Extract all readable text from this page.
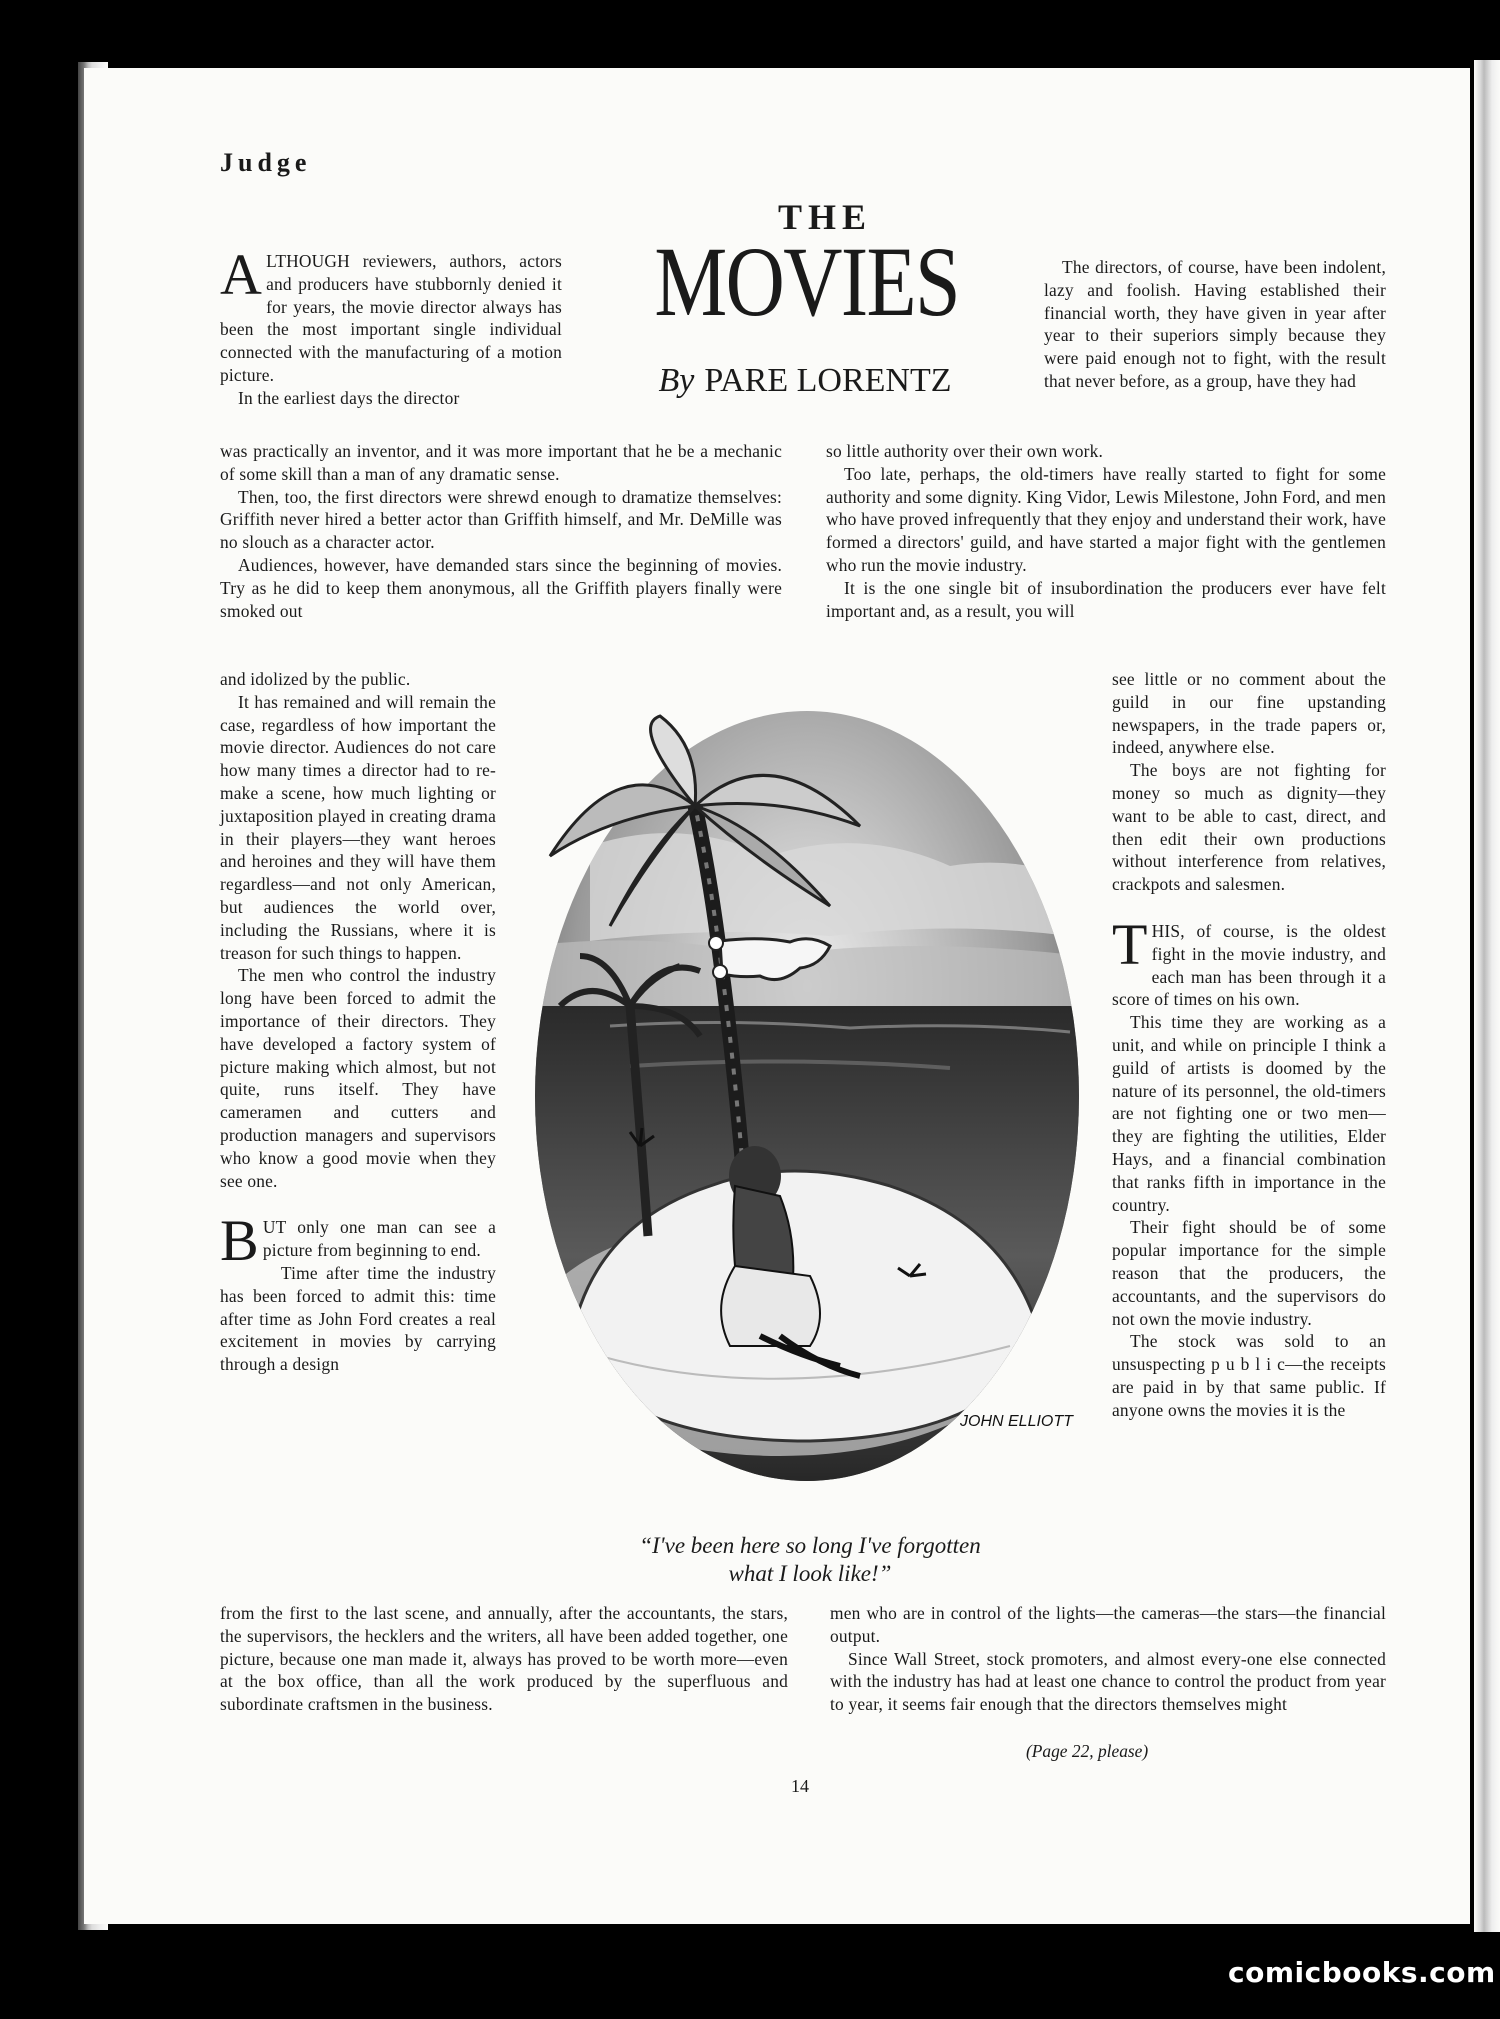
Judge
THE
MOVIES
By PARE LORENTZ

ALTHOUGH reviewers, authors, actors and producers have stubbornly denied it for years, the movie director always has been the most important single individual connected with the manufacturing of a motion picture.

In the earliest days the director

was practically an inventor, and it was more important that he be a mechanic of some skill than a man of any dramatic sense.

Then, too, the first directors were shrewd enough to dramatize themselves: Griffith never hired a better actor than Griffith himself, and Mr. DeMille was no slouch as a character actor.

Audiences, however, have demanded stars since the beginning of movies. Try as he did to keep them anonymous, all the Griffith players finally were smoked out

and idolized by the public.

It has remained and will remain the case, regardless of how important the movie director. Audiences do not care how many times a director had to re-make a scene, how much lighting or juxtaposition played in creating drama in their players—they want heroes and heroines and they will have them regardless—and not only American, but audiences the world over, including the Russians, where it is treason for such things to happen.

The men who control the industry long have been forced to admit the importance of their directors. They have developed a factory system of picture making which almost, but not quite, runs itself. They have cameramen and cutters and production managers and supervisors who know a good movie when they see one.

BUT only one man can see a picture from beginning to end.

Time after time the industry has been forced to admit this: time after time as John Ford creates a real excitement in movies by carrying through a design

from the first to the last scene, and annually, after the accountants, the stars, the supervisors, the hecklers and the writers, all have been added together, one picture, because one man made it, always has proved to be worth more—even at the box office, than all the work produced by the superfluous and subordinate craftsmen in the business.

The directors, of course, have been indolent, lazy and foolish. Having established their financial worth, they have given in year after year to their superiors simply because they were paid enough not to fight, with the result that never before, as a group, have they had

so little authority over their own work.

Too late, perhaps, the old-timers have really started to fight for some authority and some dignity. King Vidor, Lewis Milestone, John Ford, and men who have proved infrequently that they enjoy and understand their work, have formed a directors' guild, and have started a major fight with the gentlemen who run the movie industry.

It is the one single bit of insubordination the producers ever have felt important and, as a result, you will

see little or no comment about the guild in our fine upstanding newspapers, in the trade papers or, indeed, anywhere else.

The boys are not fighting for money so much as dignity—they want to be able to cast, direct, and then edit their own productions without interference from relatives, crackpots and salesmen.

THIS, of course, is the oldest fight in the movie industry, and each man has been through it a score of times on his own.

This time they are working as a unit, and while on principle I think a guild of artists is doomed by the nature of its personnel, the old-timers are not fighting one or two men—they are fighting the utilities, Elder Hays, and a financial combination that ranks fifth in importance in the country.

Their fight should be of some popular importance for the simple reason that the producers, the accountants, and the supervisors do not own the movie industry.

The stock was sold to an unsuspecting p u b l i c—the receipts are paid in by that same public. If anyone owns the movies it is the

men who are in control of the lights—the cameras—the stars—the financial output.

Since Wall Street, stock promoters, and almost every-one else connected with the industry has had at least one chance to control the product from year to year, it seems fair enough that the directors themselves might

JOHN ELLIOTT
“I've been here so long I've forgotten
what I look like!”
(Page 22, please)
14
comicbooks.com
